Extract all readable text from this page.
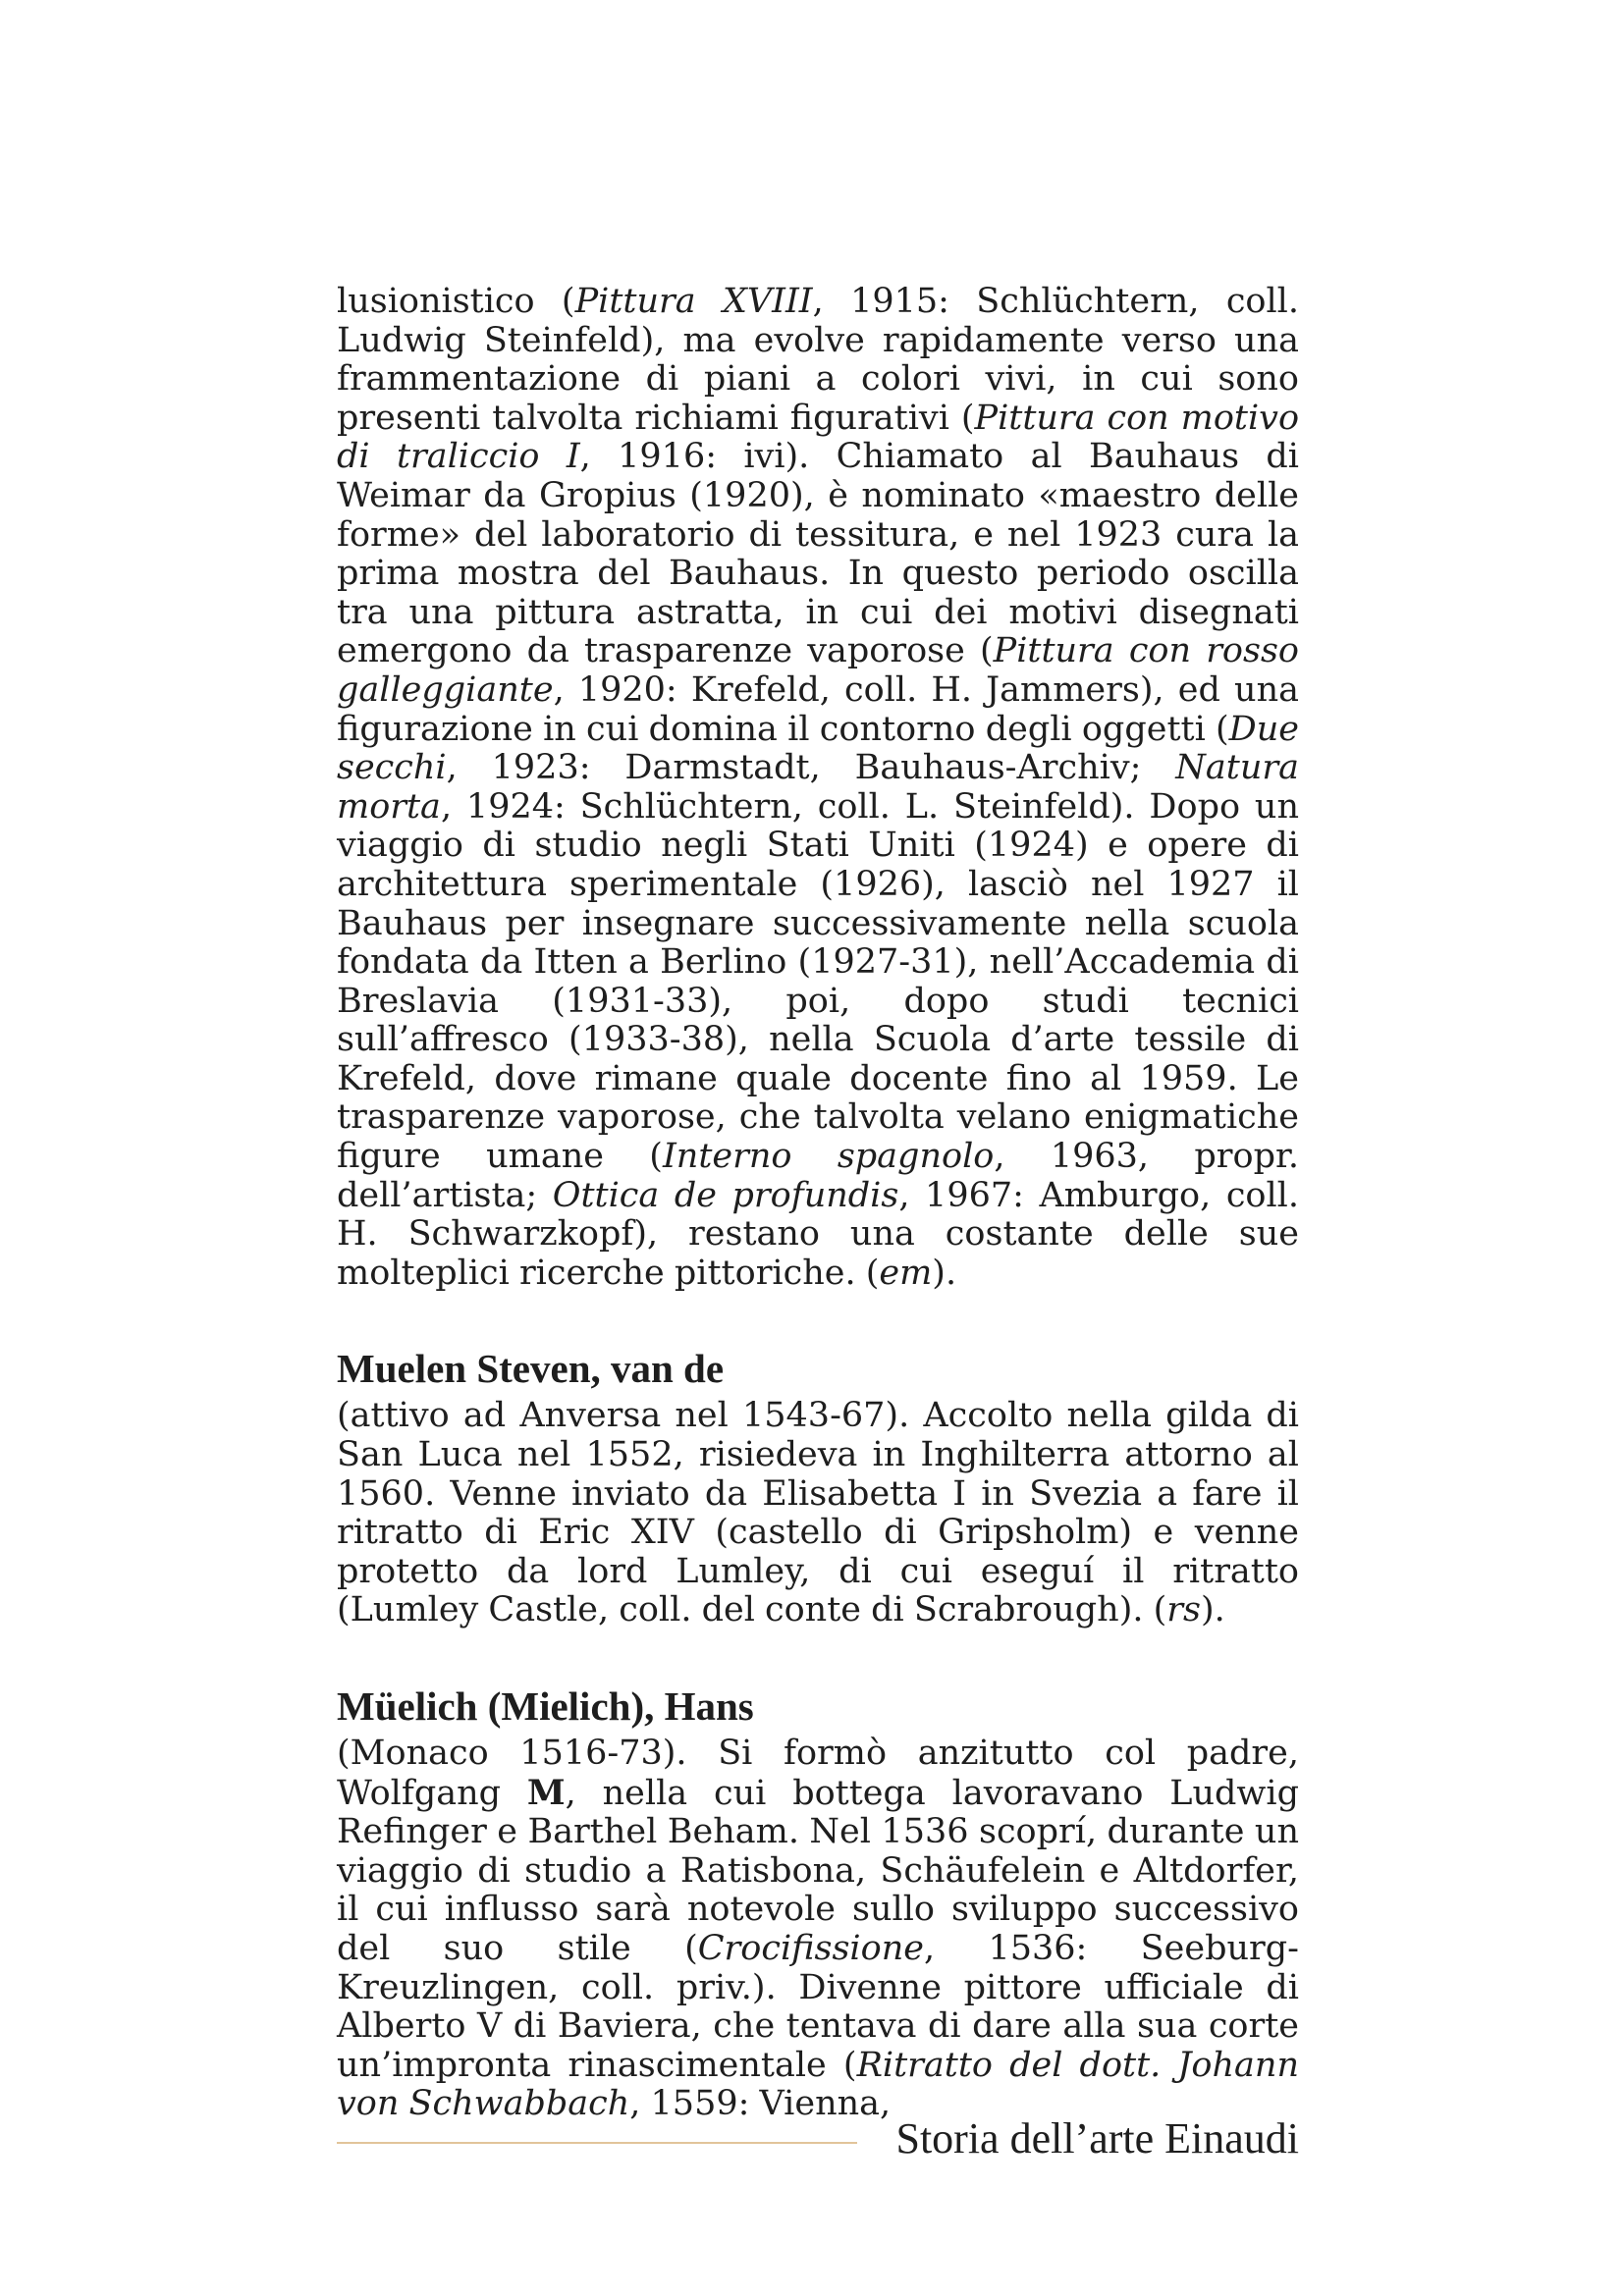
lusionistico (Pittura XVIII, 1915: Schlüchtern, coll. Ludwig Steinfeld), ma evolve rapidamente verso una frammentazione di piani a colori vivi, in cui sono presenti talvolta richiami figurativi (Pittura con motivo di traliccio I, 1916: ivi). Chiamato al Bauhaus di Weimar da Gropius (1920), è nominato «maestro delle forme» del laboratorio di tessitura, e nel 1923 cura la prima mostra del Bauhaus. In questo periodo oscilla tra una pittura astratta, in cui dei motivi disegnati emergono da trasparenze vaporose (Pittura con rosso galleggiante, 1920: Krefeld, coll. H. Jammers), ed una figurazione in cui domina il contorno degli oggetti (Due secchi, 1923: Darmstadt, Bauhaus-Archiv; Natura morta, 1924: Schlüchtern, coll. L. Steinfeld). Dopo un viaggio di studio negli Stati Uniti (1924) e opere di architettura sperimentale (1926), lasciò nel 1927 il Bauhaus per insegnare successivamente nella scuola fondata da Itten a Berlino (1927-31), nell’Accademia di Breslavia (1931-33), poi, dopo studi tecnici sull’affresco (1933-38), nella Scuola d’arte tessile di Krefeld, dove rimane quale docente fino al 1959. Le trasparenze vaporose, che talvolta velano enigmatiche figure umane (Interno spagnolo, 1963, propr. dell’artista; Ottica de profundis, 1967: Amburgo, coll. H. Schwarzkopf), restano una costante delle sue molteplici ricerche pittoriche. (em).

Muelen Steven, van de

(attivo ad Anversa nel 1543-67). Accolto nella gilda di San Luca nel 1552, risiedeva in Inghilterra attorno al 1560. Venne inviato da Elisabetta I in Svezia a fare il ritratto di Eric XIV (castello di Gripsholm) e venne protetto da lord Lumley, di cui eseguí il ritratto (Lumley Castle, coll. del conte di Scrabrough). (rs).

Müelich (Mielich), Hans

(Monaco 1516-73). Si formò anzitutto col padre, Wolfgang M, nella cui bottega lavoravano Ludwig Refinger e Barthel Beham. Nel 1536 scoprí, durante un viaggio di studio a Ratisbona, Schäufelein e Altdorfer, il cui influsso sarà notevole sullo sviluppo successivo del suo stile (Crocifissione, 1536: Seeburg-Kreuzlingen, coll. priv.). Divenne pittore ufficiale di Alberto V di Baviera, che tentava di dare alla sua corte un’impronta rinascimentale (Ritratto del dott. Johann von Schwabbach, 1559: Vienna,

Storia dell’arte Einaudi
